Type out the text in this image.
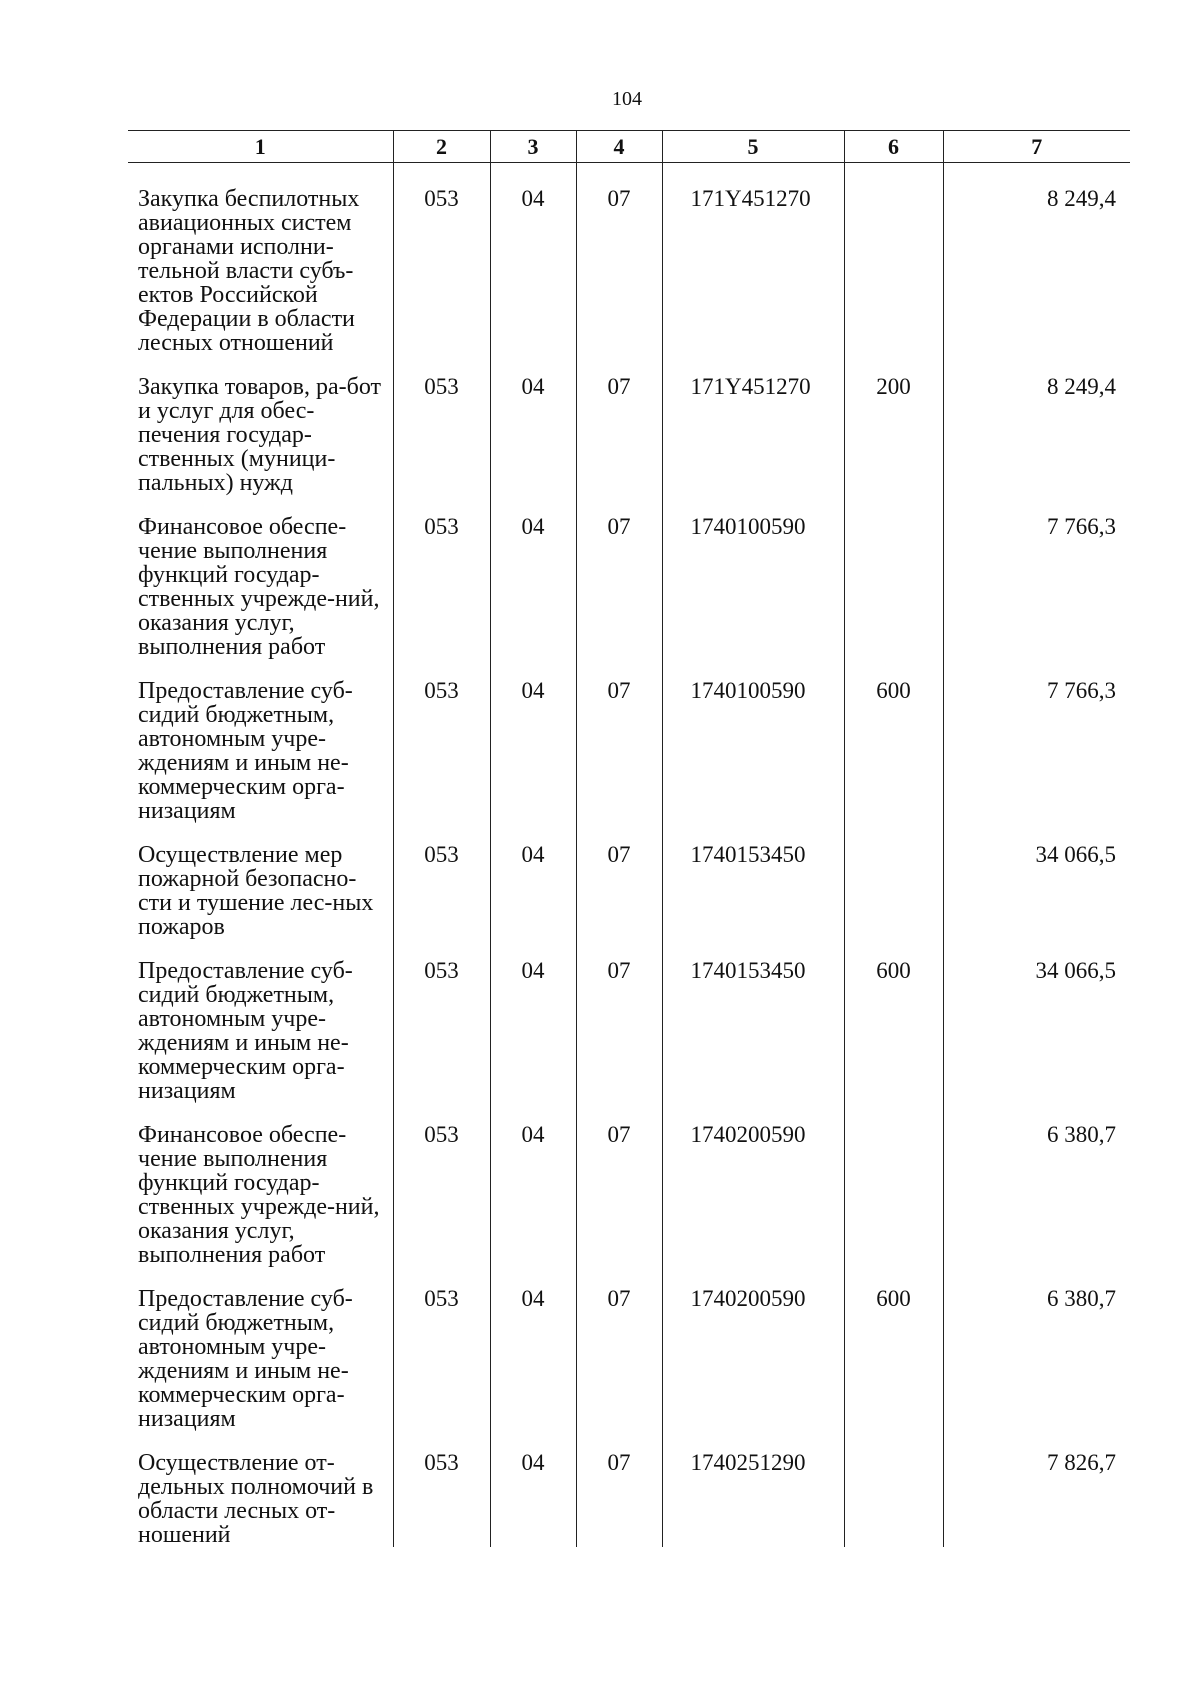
104
1	2	3	4	5	6	7
Закупка беспилотных авиационных систем органами исполни-тельной власти субъ-ектов Российской Федерации в области лесных отношений	053	04	07	171Y451270		8 249,4
Закупка товаров, ра-бот и услуг для обес-печения государ-ственных (муници-пальных) нужд	053	04	07	171Y451270	200	8 249,4
Финансовое обеспе-чение выполнения функций государ-ственных учрежде-ний, оказания услуг, выполнения работ	053	04	07	1740100590		7 766,3
Предоставление суб-сидий бюджетным, автономным учре-ждениям и иным не-коммерческим орга-низациям	053	04	07	1740100590	600	7 766,3
Осуществление мер пожарной безопасно-сти и тушение лес-ных пожаров	053	04	07	1740153450		34 066,5
Предоставление суб-сидий бюджетным, автономным учре-ждениям и иным не-коммерческим орга-низациям	053	04	07	1740153450	600	34 066,5
Финансовое обеспе-чение выполнения функций государ-ственных учрежде-ний, оказания услуг, выполнения работ	053	04	07	1740200590		6 380,7
Предоставление суб-сидий бюджетным, автономным учре-ждениям и иным не-коммерческим орга-низациям	053	04	07	1740200590	600	6 380,7
Осуществление от-дельных полномочий в области лесных от-ношений	053	04	07	1740251290		7 826,7
